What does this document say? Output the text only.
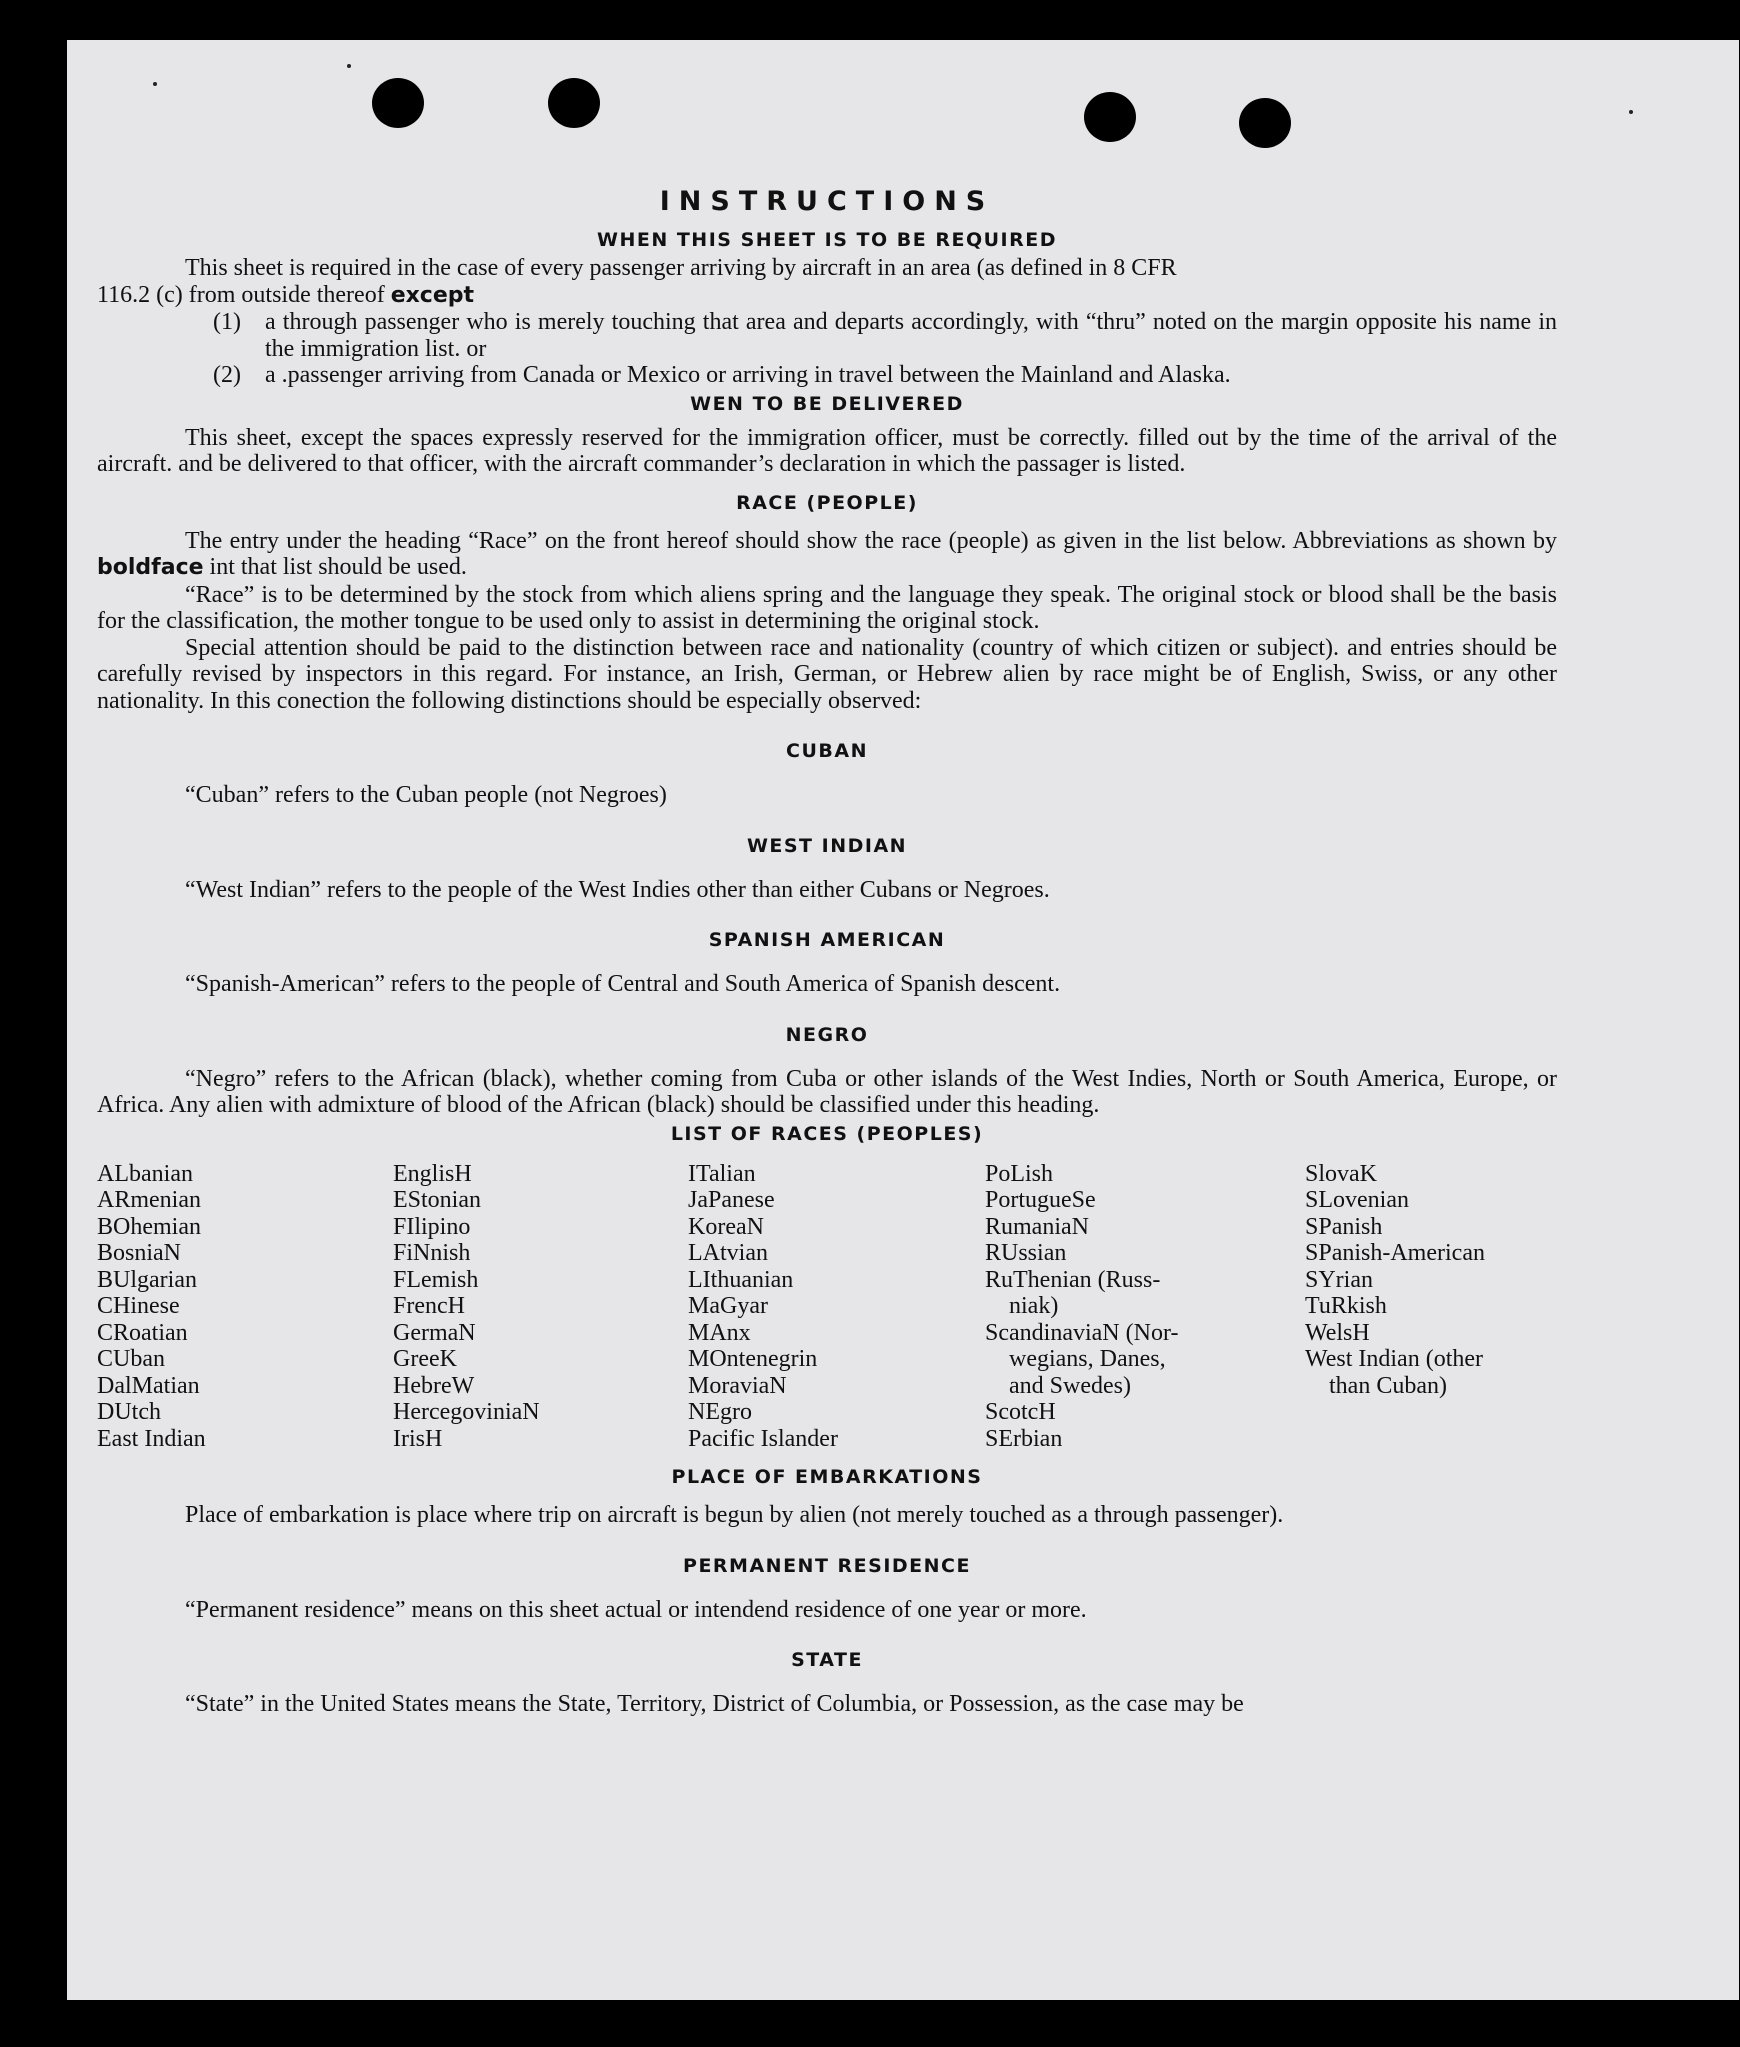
INSTRUCTIONS
WHEN THIS SHEET IS TO BE REQUIRED

This sheet is required in the case of every passenger arriving by aircraft in an area (as defined in 8 CFR

116.2 (c) from outside thereof except

(1)	a through passenger who is merely touching that area and departs accordingly, with “thru” noted on the margin opposite his name in the immigration list. or
(2)	a .passenger arriving from Canada or Mexico or arriving in travel between the Mainland and Alaska.
WEN TO BE DELIVERED

This sheet, except the spaces expressly reserved for the immigration officer, must be correctly. filled out by the time of the arrival of the aircraft. and be delivered to that officer, with the aircraft commander’s declaration in which the passager is listed.

RACE (PEOPLE)

The entry under the heading “Race” on the front hereof should show the race (people) as given in the list below. Abbreviations as shown by boldface int that list should be used.

“Race” is to be determined by the stock from which aliens spring and the language they speak. The original stock or blood shall be the basis for the classification, the mother tongue to be used only to assist in determining the original stock.

Special attention should be paid to the distinction between race and nationality (country of which citizen or subject). and entries should be carefully revised by inspectors in this regard. For instance, an Irish, German, or Hebrew alien by race might be of English, Swiss, or any other nationality. In this conection the following distinctions should be especially observed:

CUBAN

“Cuban” refers to the Cuban people (not Negroes)

WEST INDIAN

“West Indian” refers to the people of the West Indies other than either Cubans or Negroes.

SPANISH AMERICAN

“Spanish-American” refers to the people of Central and South America of Spanish descent.

NEGRO

“Negro” refers to the African (black), whether coming from Cuba or other islands of the West Indies, North or South America, Europe, or Africa. Any alien with admixture of blood of the African (black) should be classified under this heading.

LIST OF RACES (PEOPLES)
ALbanian
ARmenian
BOhemian
BosniaN
BUlgarian
CHinese
CRoatian
CUban
DalMatian
DUtch
East Indian
EnglisH
EStonian
FIlipino
FiNnish
FLemish
FrencH
GermaN
GreeK
HebreW
HercegoviniaN
IrisH
ITalian
JaPanese
KoreaN
LAtvian
LIthuanian
MaGyar
MAnx
MOntenegrin
MoraviaN
NEgro
Pacific Islander
PoLish
PortugueSe
RumaniaN
RUssian
RuThenian (Russ-
niak)
ScandinaviaN (Nor-
wegians, Danes,
and Swedes)
ScotcH
SErbian
SlovaK
SLovenian
SPanish
SPanish-American
SYrian
TuRkish
WelsH
West Indian (other
than Cuban)
PLACE OF EMBARKATIONS

Place of embarkation is place where trip on aircraft is begun by alien (not merely touched as a through passenger).

PERMANENT RESIDENCE

“Permanent residence” means on this sheet actual or intendend residence of one year or more.

STATE

“State” in the United States means the State, Territory, District of Columbia, or Possession, as the case may be
